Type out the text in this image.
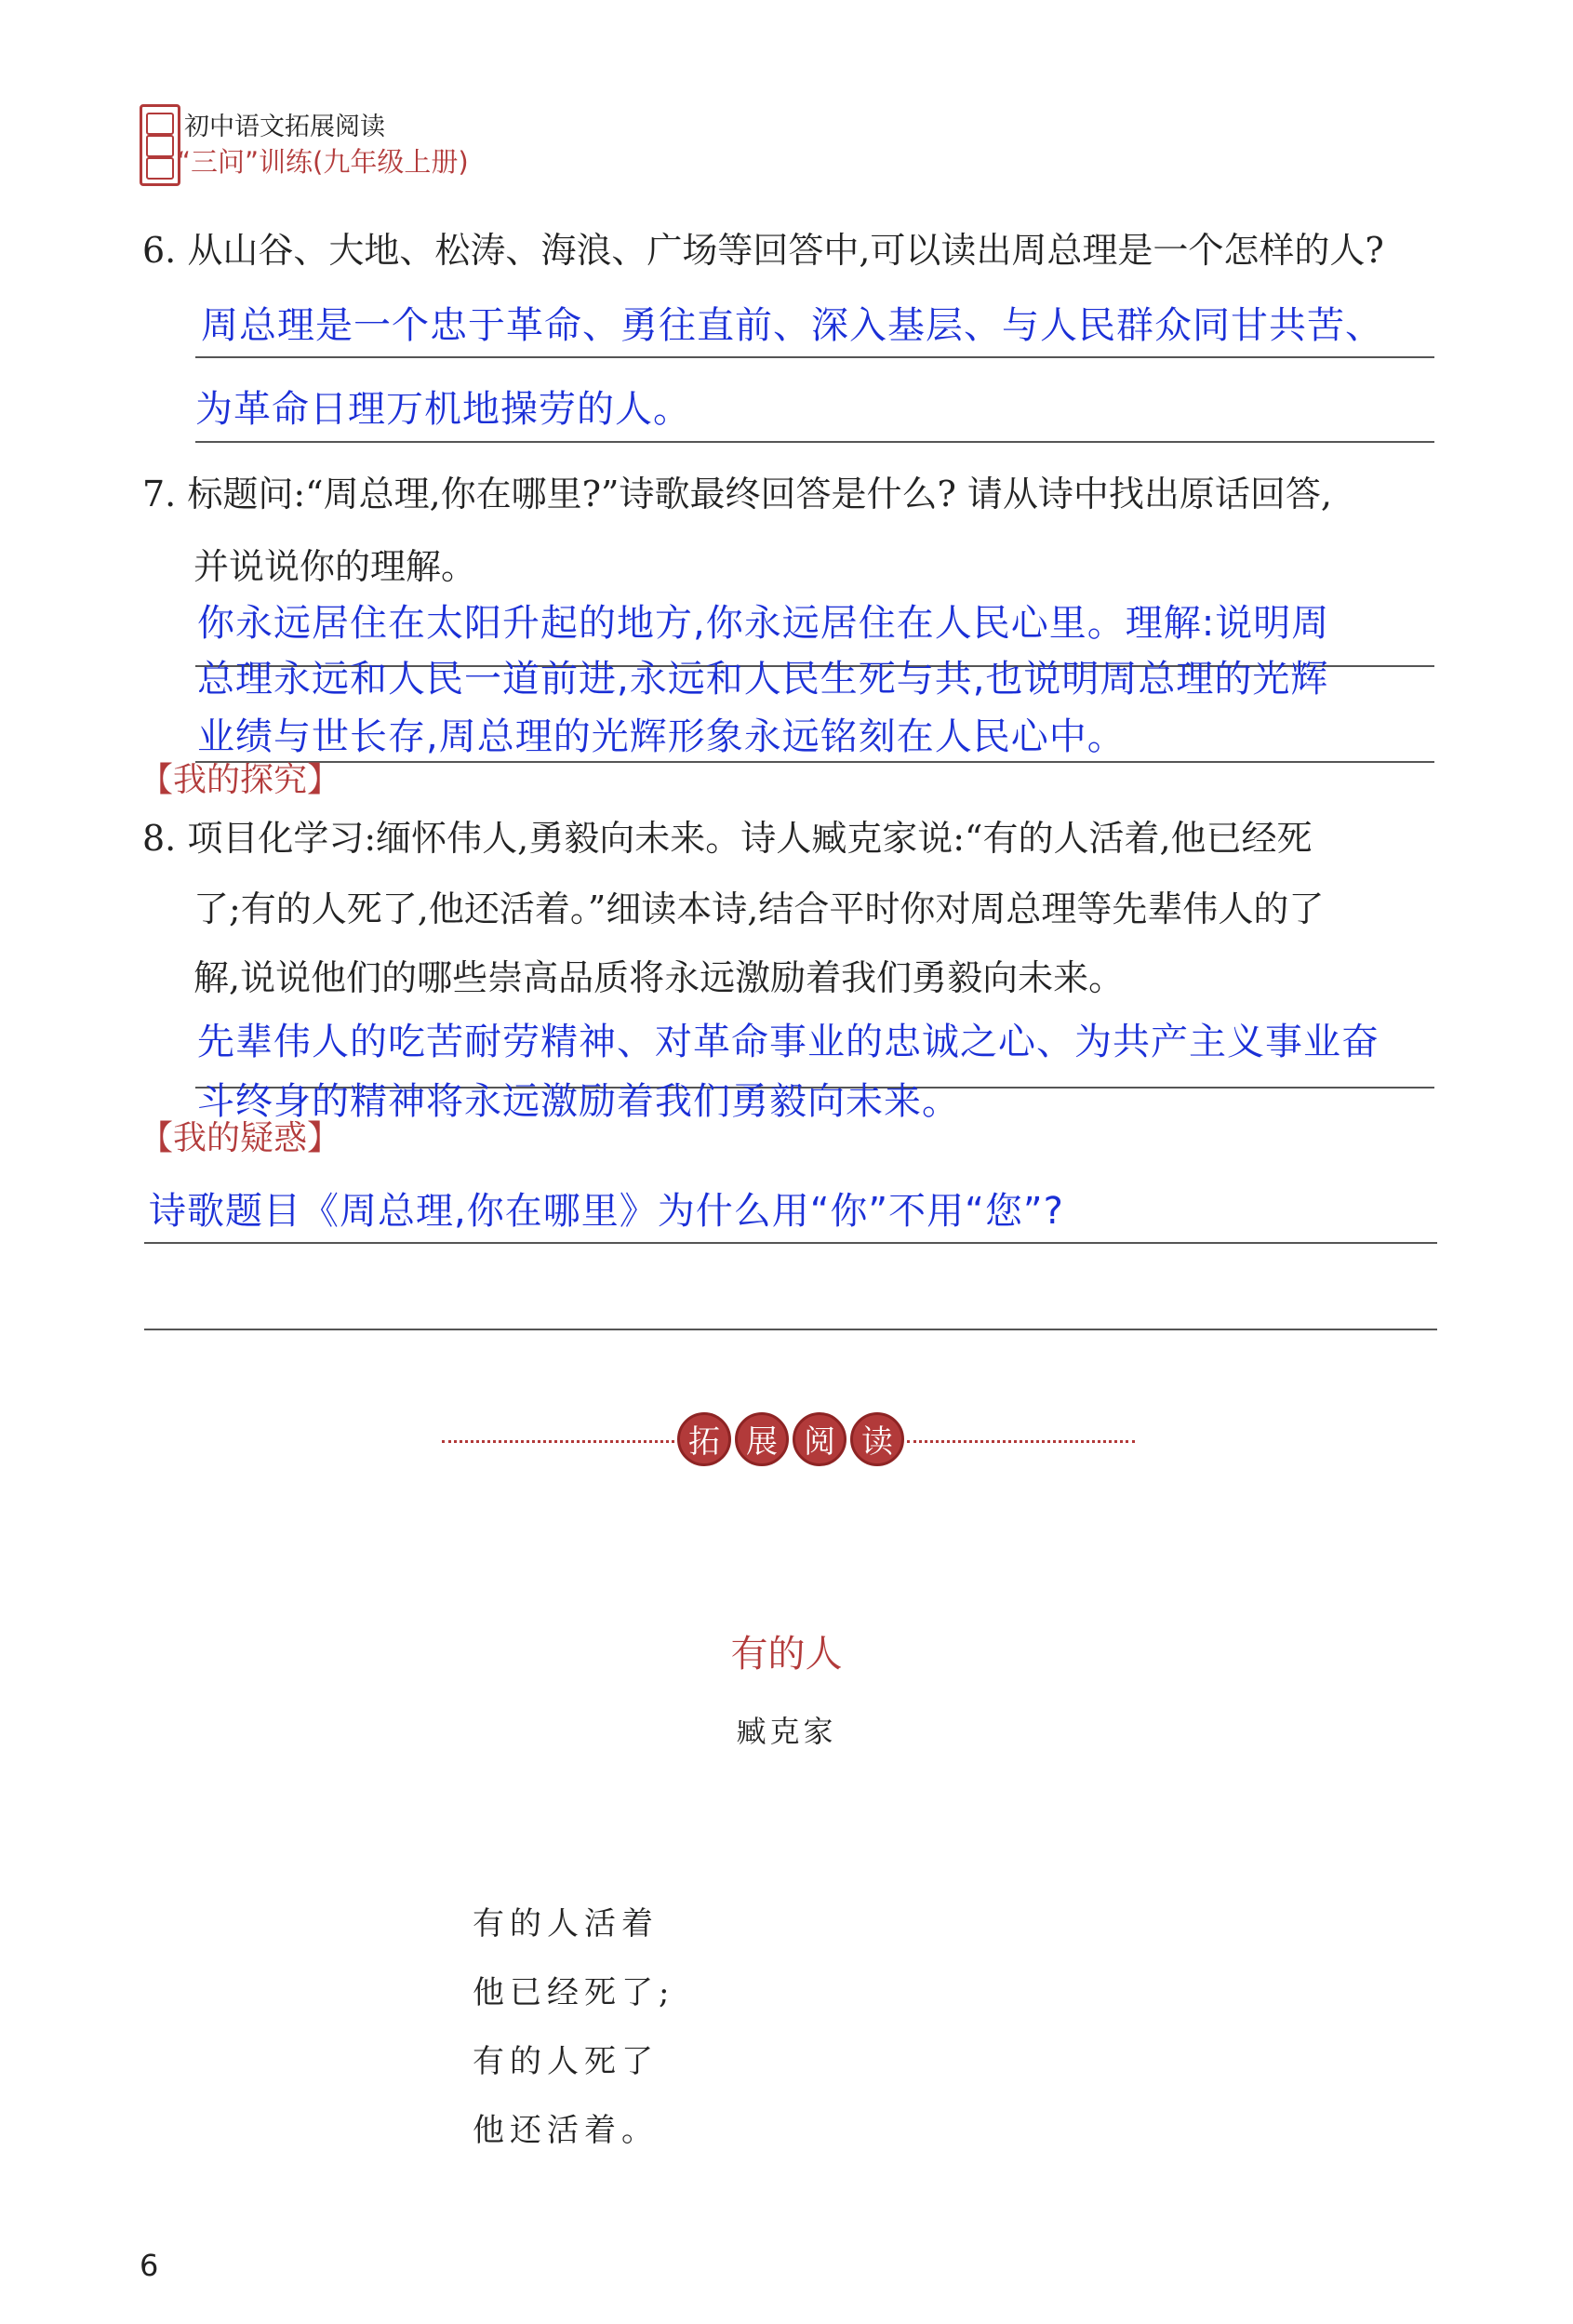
初中语文拓展阅读
“三问”训练(九年级上册)
6. 从山谷、大地、松涛、海浪、广场等回答中,可以读出周总理是一个怎样的人?
周总理是一个忠于革命、勇往直前、深入基层、与人民群众同甘共苦、
为革命日理万机地操劳的人。
7. 标题问:“周总理,你在哪里?”诗歌最终回答是什么? 请从诗中找出原话回答,
并说说你的理解。
你永远居住在太阳升起的地方,你永远居住在人民心里。理解:说明周
总理永远和人民一道前进,永远和人民生死与共,也说明周总理的光辉
业绩与世长存,周总理的光辉形象永远铭刻在人民心中。
【我的探究】
8. 项目化学习:缅怀伟人,勇毅向未来。诗人臧克家说:“有的人活着,他已经死
了;有的人死了,他还活着。”细读本诗,结合平时你对周总理等先辈伟人的了
解,说说他们的哪些崇高品质将永远激励着我们勇毅向未来。
先辈伟人的吃苦耐劳精神、对革命事业的忠诚之心、为共产主义事业奋
斗终身的精神将永远激励着我们勇毅向未来。
【我的疑惑】
诗歌题目《周总理,你在哪里》为什么用“你”不用“您”?
拓 展 阅 读
有的人
臧克家
有的人活着
他已经死了;
有的人死了
他还活着。
6
